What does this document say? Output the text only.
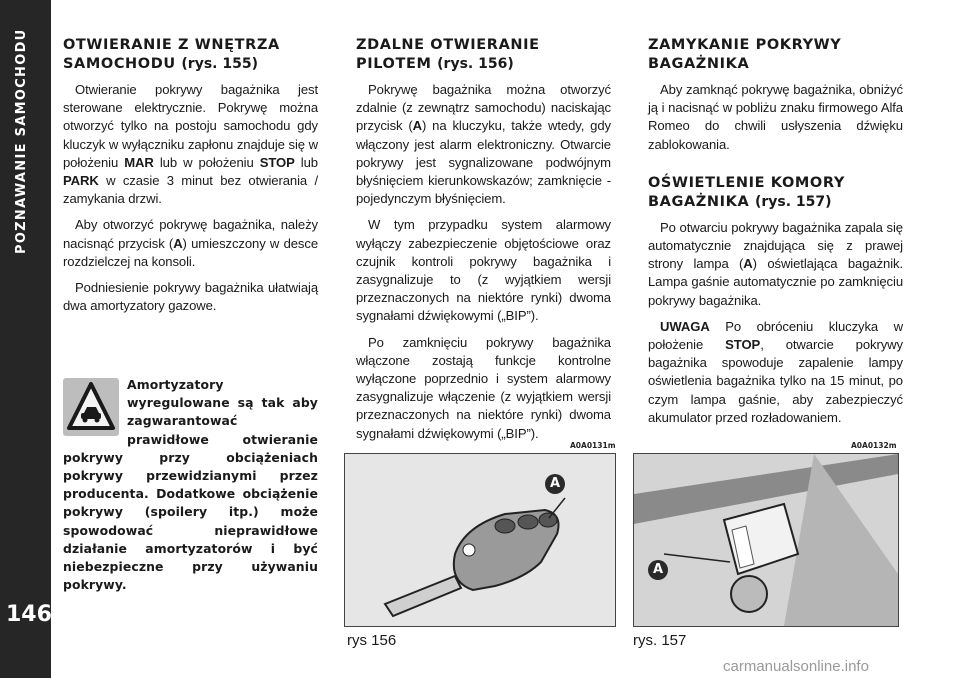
POZNAWANIE SAMOCHODU
146
OTWIERANIE Z WNĘTRZA SAMOCHODU (rys. 155)

Otwieranie pokrywy bagażnika jest sterowane elektrycznie. Pokrywę można otworzyć tylko na postoju samochodu gdy kluczyk w wyłączniku zapłonu znajduje się w położeniu MAR lub w położeniu STOP lub PARK w czasie 3 minut bez otwierania / zamykania drzwi.

Aby otworzyć pokrywę bagażnika, należy nacisnąć przycisk (A) umieszczony w desce rozdzielczej na konsoli.

Podniesienie pokrywy bagażnika ułatwiają dwa amortyzatory gazowe.

Amortyzatory wyregulowane są tak aby zagwarantować prawidłowe otwieranie pokrywy przy obciążeniach pokrywy przewidzianymi przez producenta. Dodatkowe obciążenie pokrywy (spoilery itp.) może spowodować nieprawidłowe działanie amortyzatorów i być niebezpieczne przy używaniu pokrywy.
ZDALNE OTWIERANIE PILOTEM (rys. 156)

Pokrywę bagażnika można otworzyć zdalnie (z zewnątrz samochodu) naciskając przycisk (A) na kluczyku, także wtedy, gdy włączony jest alarm elektroniczny. Otwarcie pokrywy jest sygnalizowane podwójnym błyśnięciem kierunkowskazów; zamknięcie - pojedynczym błyśnięciem.

W tym przypadku system alarmowy wyłączy zabezpieczenie objętościowe oraz czujnik kontroli pokrywy bagażnika i zasygnalizuje to (z wyjątkiem wersji przeznaczonych na niektóre rynki) dwoma sygnałami dźwiękowymi („BIP”).

Po zamknięciu pokrywy bagażnika włączone zostają funkcje kontrolne wyłączone poprzednio i system alarmowy zasygnalizuje włączenie (z wyjątkiem wersji przeznaczonych na niektóre rynki) dwoma sygnałami dźwiękowymi („BIP”).

ZAMYKANIE POKRYWY BAGAŻNIKA

Aby zamknąć pokrywę bagażnika, obniżyć ją i nacisnąć w pobliżu znaku firmowego Alfa Romeo do chwili usłyszenia dźwięku zablokowania.

OŚWIETLENIE KOMORY BAGAŻNIKA (rys. 157)

Po otwarciu pokrywy bagażnika zapala się automatycznie znajdująca się z prawej strony lampa (A) oświetlająca bagażnik. Lampa gaśnie automatycznie po zamknięciu pokrywy bagażnika.

UWAGA Po obróceniu kluczyka w położenie STOP, otwarcie pokrywy bagażnika spowoduje zapalenie lampy oświetlenia bagażnika tylko na 15 minut, po czym lampa gaśnie, aby zabezpieczyć akumulator przed rozładowaniem.

A0A0131m
A
rys 156
A0A0132m
A
rys. 157
carmanualsonline.info
